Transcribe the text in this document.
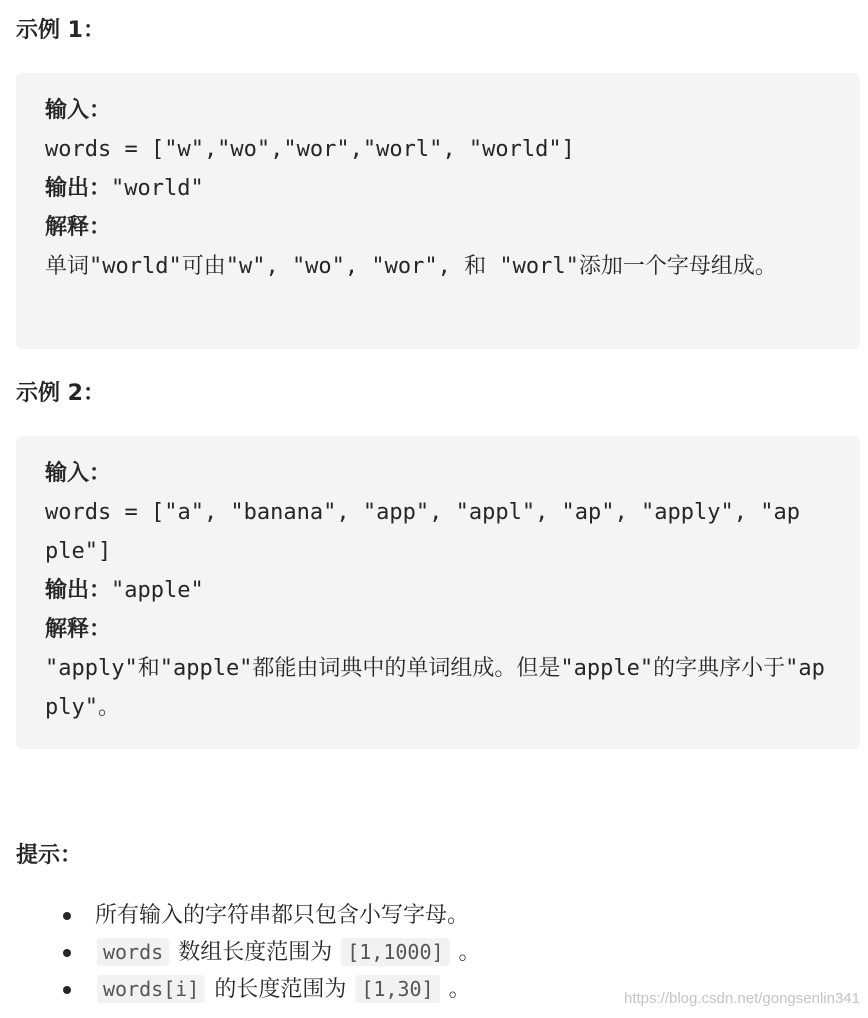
示例 1：
输入：
words = ["w","wo","wor","worl", "world"]
输出："world"
解释：
单词"world"可由"w", "wo", "wor", 和 "worl"添加一个字母组成。
示例 2：
输入：
words = ["a", "banana", "app", "appl", "ap", "apply", "apple"]
输出："apple"
解释：
"apply"和"apple"都能由词典中的单词组成。但是"apple"的字典序小于"apply"。
提示：
所有输入的字符串都只包含小写字母。
words 数组长度范围为 [1,1000] 。
words[i] 的长度范围为 [1,30] 。	https://blog.csdn.net/gongsenlin341
